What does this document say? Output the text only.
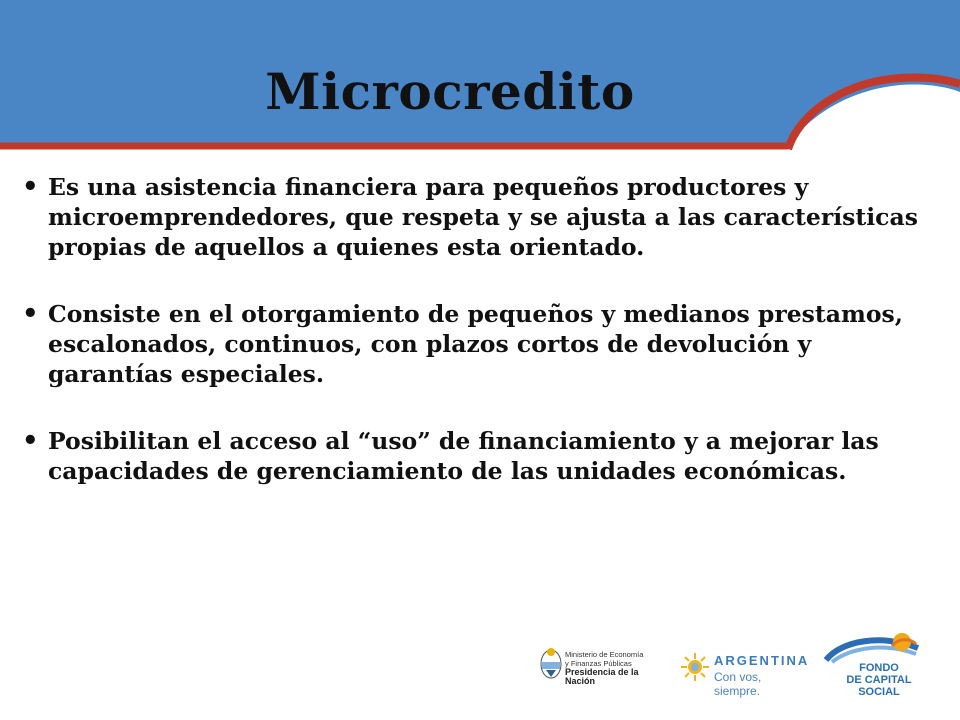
Microcredito
• Es una asistencia financiera para pequeños productores y microemprendedores, que respeta y se ajusta a las características propias de aquellos a quienes esta orientado.
• Consiste en el otorgamiento de pequeños y medianos prestamos, escalonados, continuos, con plazos cortos de devolución y garantías especiales.
• Posibilitan el acceso al “uso” de financiamiento y a mejorar las capacidades de gerenciamiento de las unidades económicas.
Ministerio de Economía
y Finanzas Públicas
Presidencia de la Nación
ARGENTINA
Con vos, siempre.
FONDO
DE CAPITAL SOCIAL
